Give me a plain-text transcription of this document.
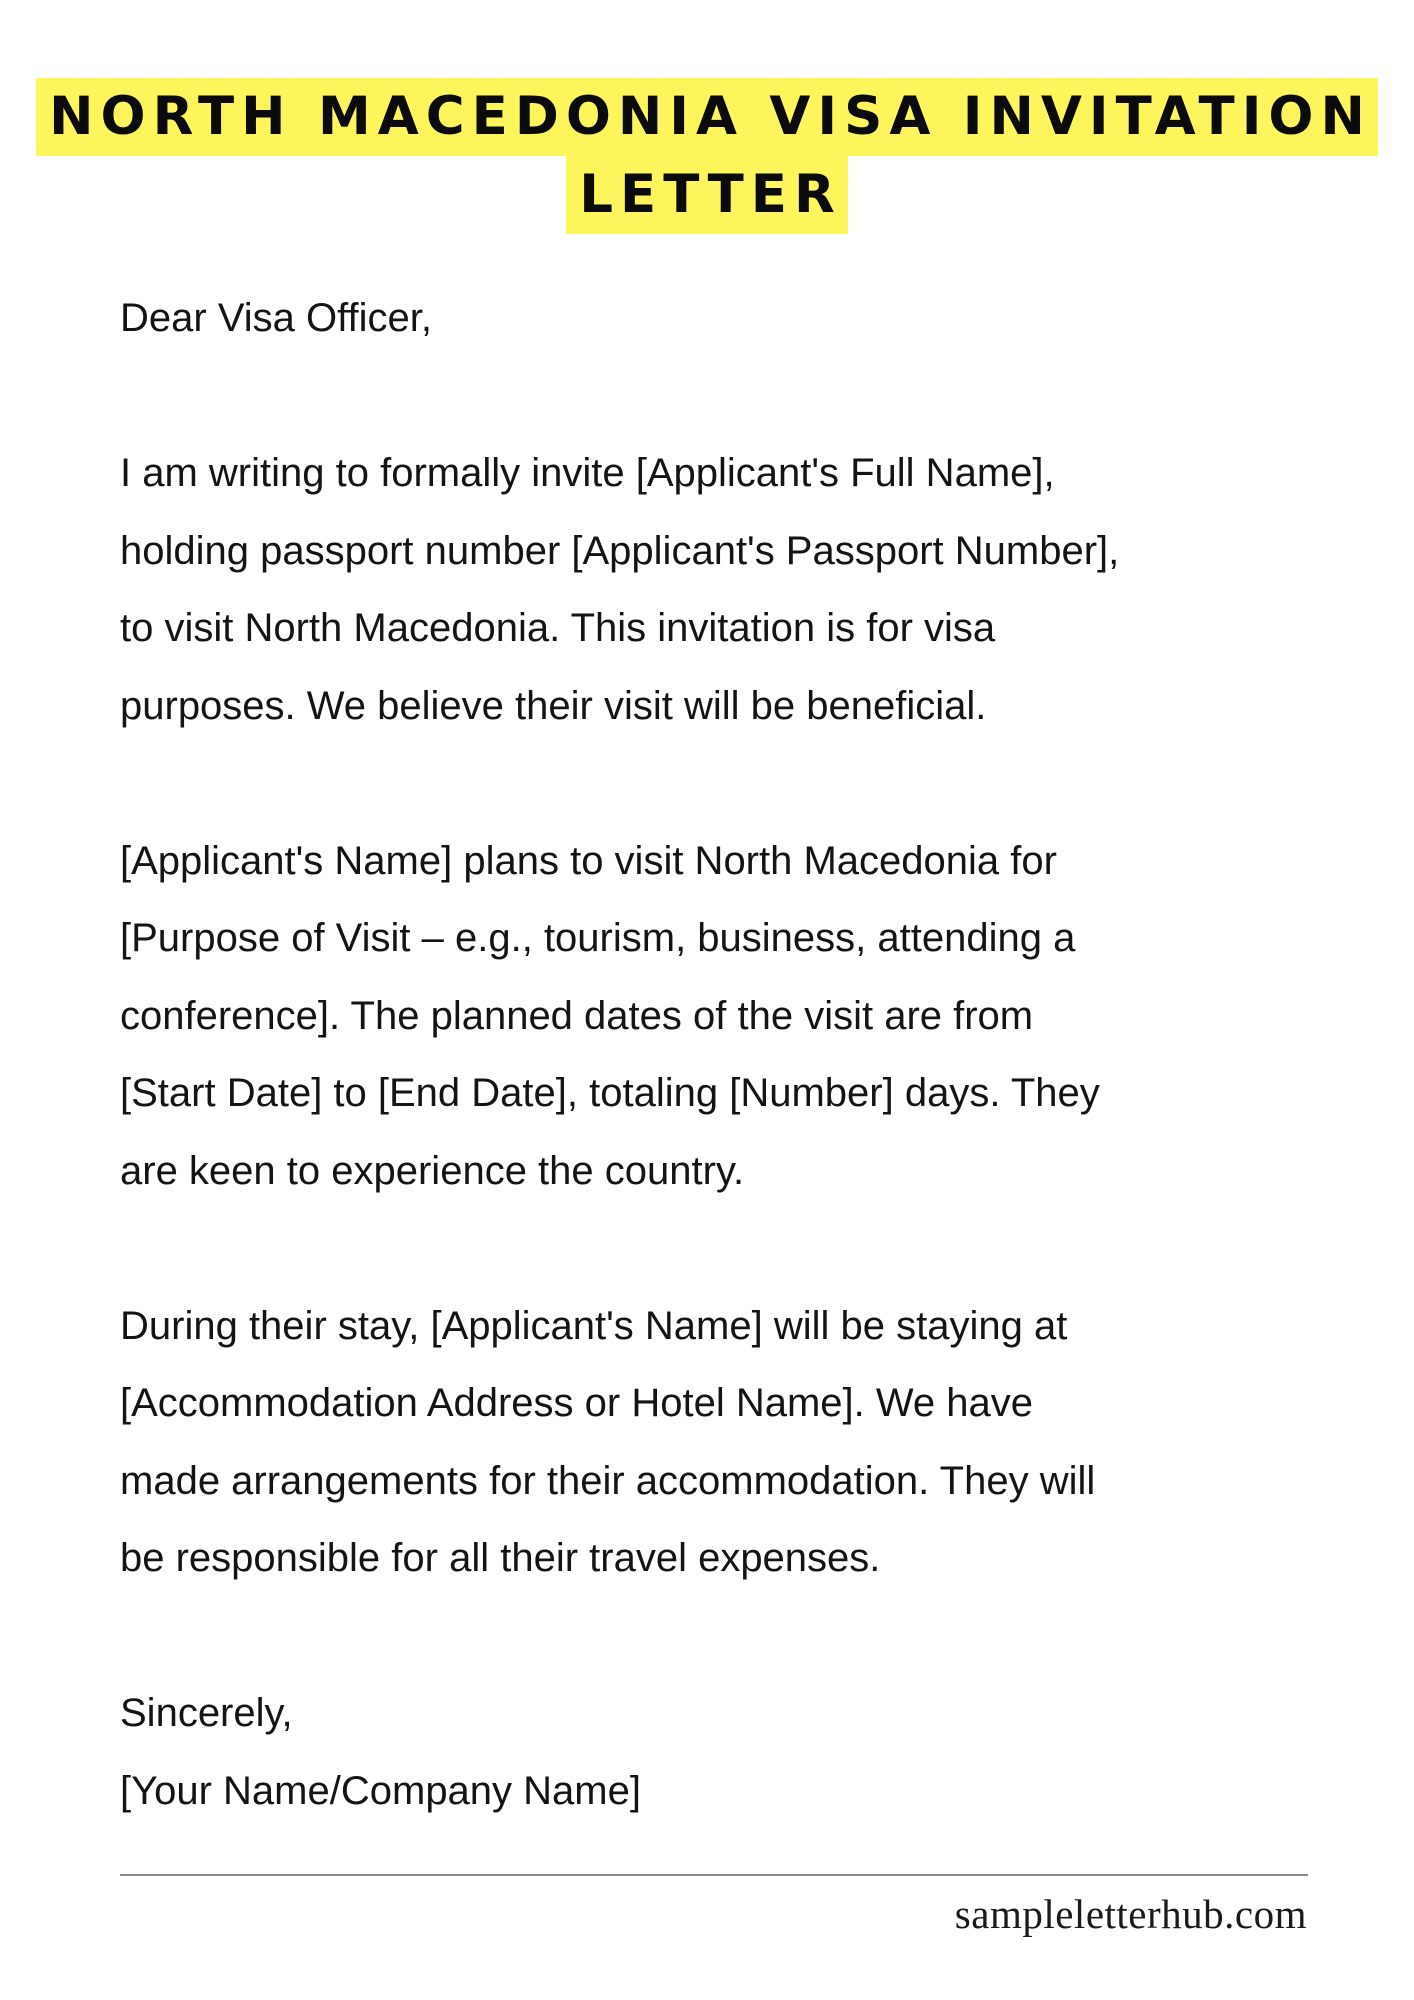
NORTH MACEDONIA VISA INVITATION
LETTER

Dear Visa Officer,

I am writing to formally invite [Applicant's Full Name],

holding passport number [Applicant's Passport Number],

to visit North Macedonia. This invitation is for visa

purposes. We believe their visit will be beneficial.

[Applicant's Name] plans to visit North Macedonia for

[Purpose of Visit – e.g., tourism, business, attending a

conference]. The planned dates of the visit are from

[Start Date] to [End Date], totaling [Number] days. They

are keen to experience the country.

During their stay, [Applicant's Name] will be staying at

[Accommodation Address or Hotel Name]. We have

made arrangements for their accommodation. They will

be responsible for all their travel expenses.

Sincerely,

[Your Name/Company Name]

sampleletterhub.com
